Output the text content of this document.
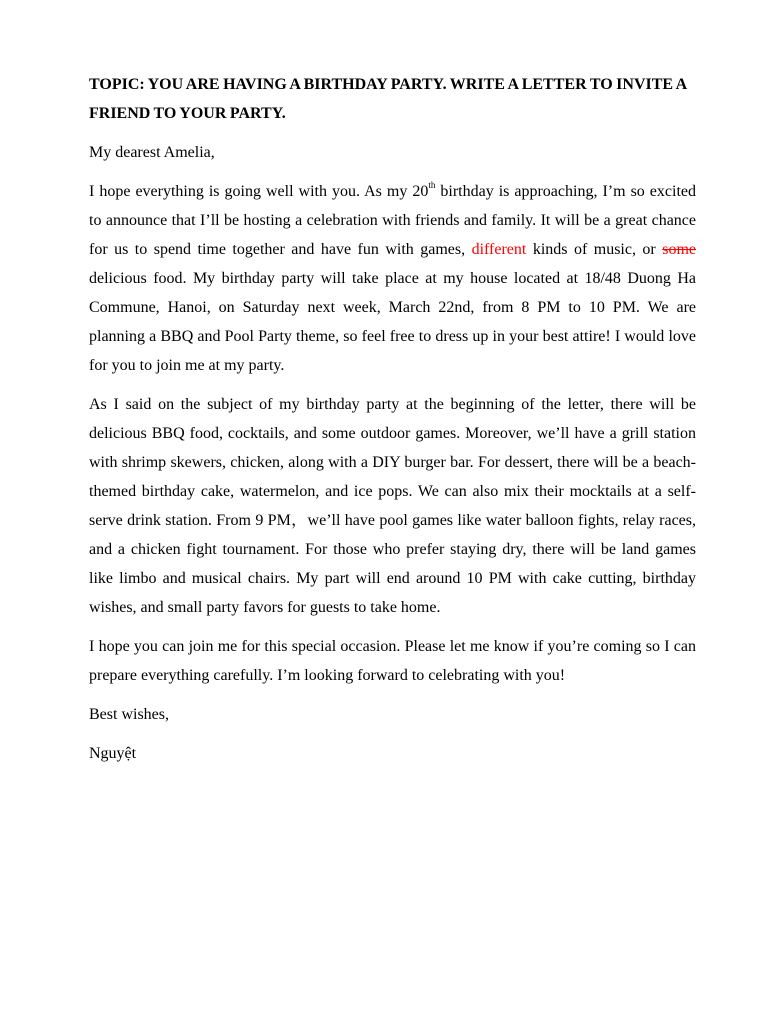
TOPIC: YOU ARE HAVING A BIRTHDAY PARTY. WRITE A LETTER TO INVITE A FRIEND TO YOUR PARTY.
My dearest Amelia,
I hope everything is going well with you. As my 20th birthday is approaching, I’m so excited to announce that I’ll be hosting a celebration with friends and family. It will be a great chance for us to spend time together and have fun with games, different kinds of music, or some delicious food. My birthday party will take place at my house located at 18/48 Duong Ha Commune, Hanoi, on Saturday next week, March 22nd, from 8 PM to 10 PM. We are planning a BBQ and Pool Party theme, so feel free to dress up in your best attire! I would love for you to join me at my party.
As I said on the subject of my birthday party at the beginning of the letter, there will be delicious BBQ food, cocktails, and some outdoor games. Moreover, we’ll have a grill station with shrimp skewers, chicken, along with a DIY burger bar. For dessert, there will be a beach-themed birthday cake, watermelon, and ice pops. We can also mix their mocktails at a self-serve drink station. From 9 PM，we’ll have pool games like water balloon fights, relay races, and a chicken fight tournament. For those who prefer staying dry, there will be land games like limbo and musical chairs. My part will end around 10 PM with cake cutting, birthday wishes, and small party favors for guests to take home.
I hope you can join me for this special occasion. Please let me know if you’re coming so I can prepare everything carefully. I’m looking forward to celebrating with you!
Best wishes,
Nguyệt
